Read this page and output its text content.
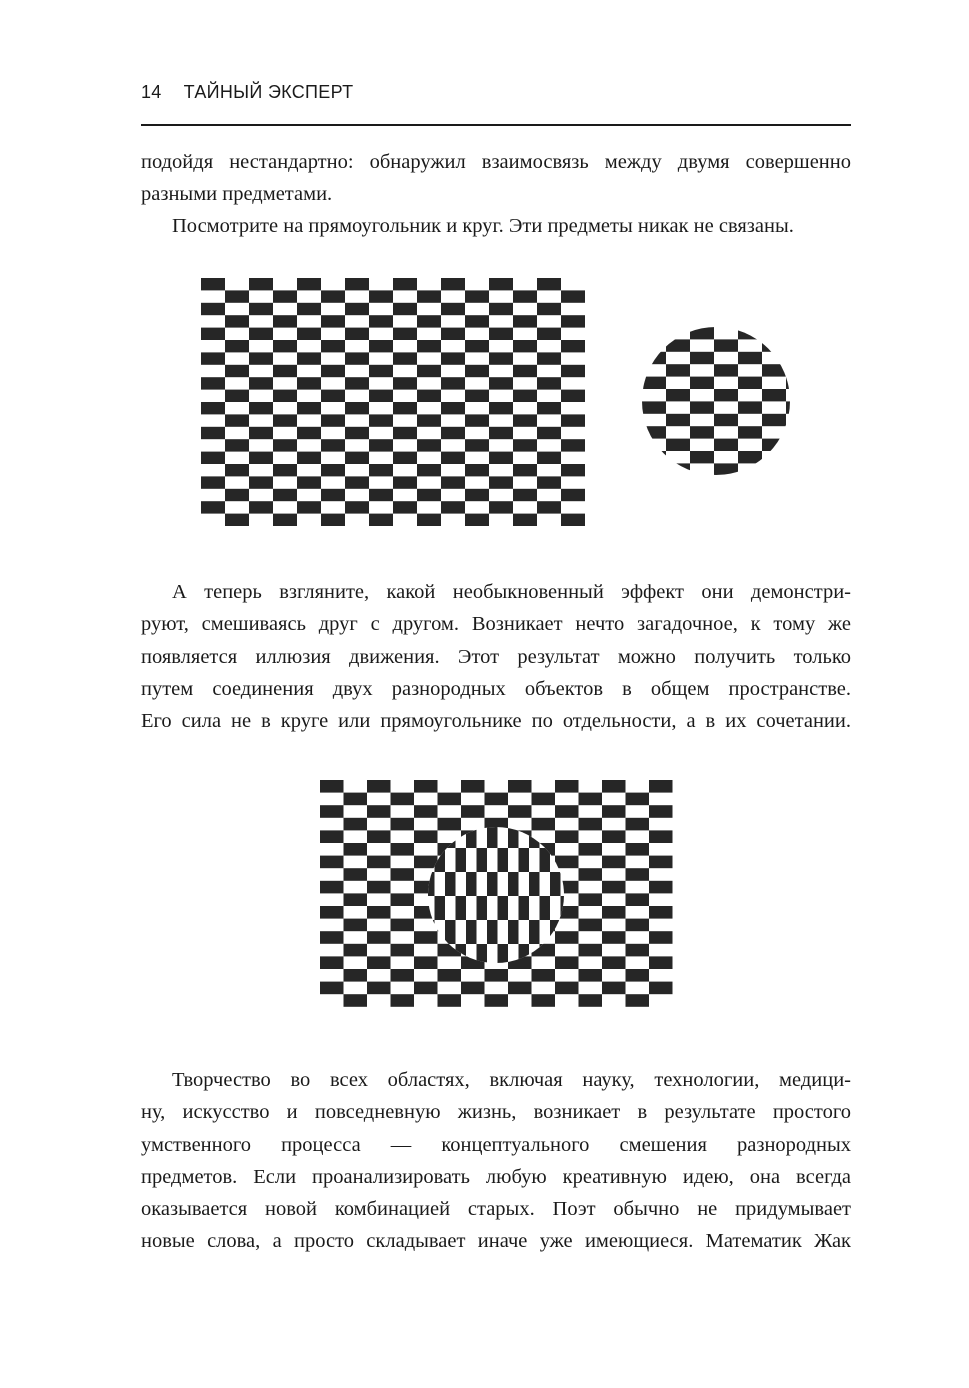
14 ТАЙНЫЙ ЭКСПЕРТ
подойдя нестандартно: обнаружил взаимосвязь между двумя совершенно
разными предметами.
Посмотрите на прямоугольник и круг. Эти предметы никак не связаны.
А теперь взгляните, какой необыкновенный эффект они демонстри-
руют, смешиваясь друг с другом. Возникает нечто загадочное, к тому же
появляется иллюзия движения. Этот результат можно получить только
путем соединения двух разнородных объектов в общем пространстве.
Его сила не в круге или прямоугольнике по отдельности, а в их сочетании.
Творчество во всех областях, включая науку, технологии, медици-
ну, искусство и повседневную жизнь, возникает в результате простого
умственного процесса — концептуального смешения разнородных
предметов. Если проанализировать любую креативную идею, она всегда
оказывается новой комбинацией старых. Поэт обычно не придумывает
новые слова, а просто складывает иначе уже имеющиеся. Математик Жак
